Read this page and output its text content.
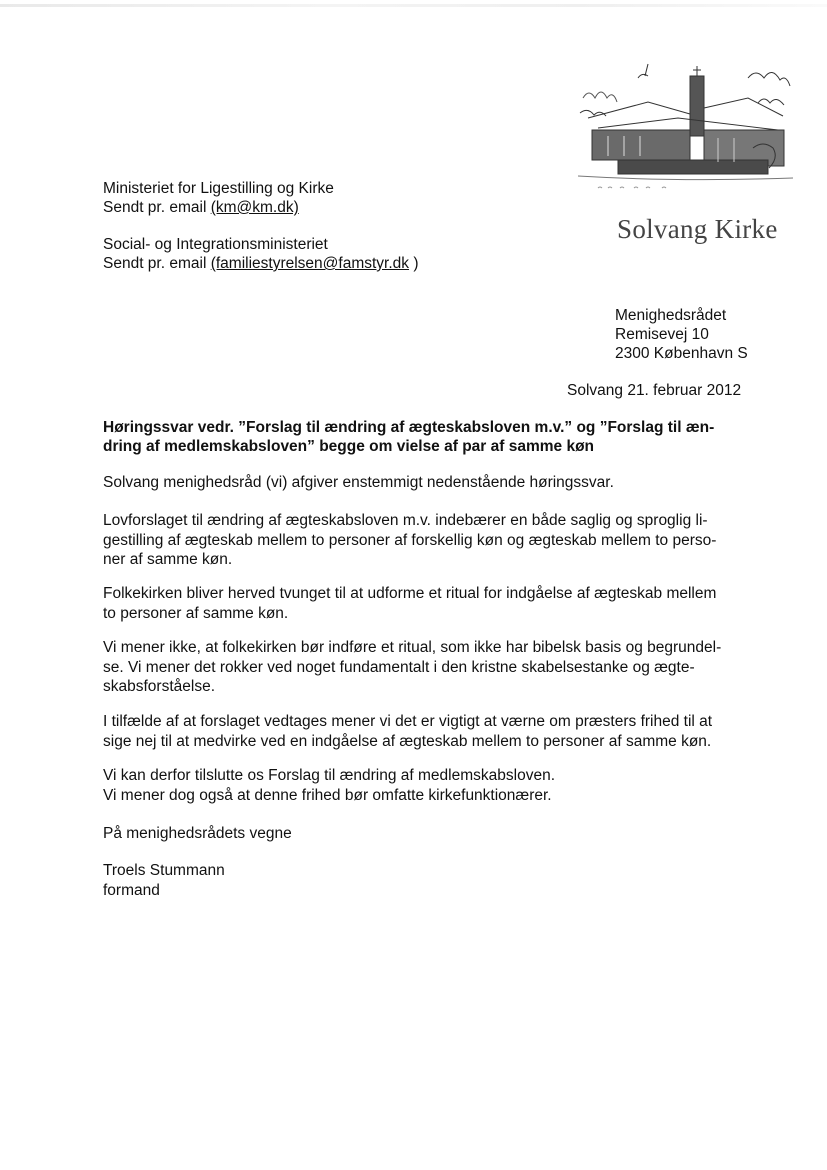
Solvang Kirke
Ministeriet for Ligestilling og Kirke
Sendt pr. email (km@km.dk)
Social- og Integrationsministeriet
Sendt pr. email (familiestyrelsen@famstyr.dk )
Menighedsrådet
Remisevej 10
2300 København S
Solvang 21. februar 2012
Høringssvar vedr. ”Forslag til ændring af ægteskabsloven m.v.” og ”Forslag til æn-
dring af medlemskabsloven” begge om vielse af par af samme køn
Solvang menighedsråd (vi) afgiver enstemmigt nedenstående høringssvar.
Lovforslaget til ændring af ægteskabsloven m.v. indebærer en både saglig og sproglig li-
gestilling af ægteskab mellem to personer af forskellig køn og ægteskab mellem to perso-
ner af samme køn.
Folkekirken bliver herved tvunget til at udforme et ritual for indgåelse af ægteskab mellem
to personer af samme køn.
Vi mener ikke, at folkekirken bør indføre et ritual, som ikke har bibelsk basis og begrundel-
se. Vi mener det rokker ved noget fundamentalt i den kristne skabelsestanke og ægte-
skabsforståelse.
I tilfælde af at forslaget vedtages mener vi det er vigtigt at værne om præsters frihed til at
sige nej til at medvirke ved en indgåelse af ægteskab mellem to personer af samme køn.
Vi kan derfor tilslutte os Forslag til ændring af medlemskabsloven.
Vi mener dog også at denne frihed bør omfatte kirkefunktionærer.
På menighedsrådets vegne
Troels Stummann
formand
